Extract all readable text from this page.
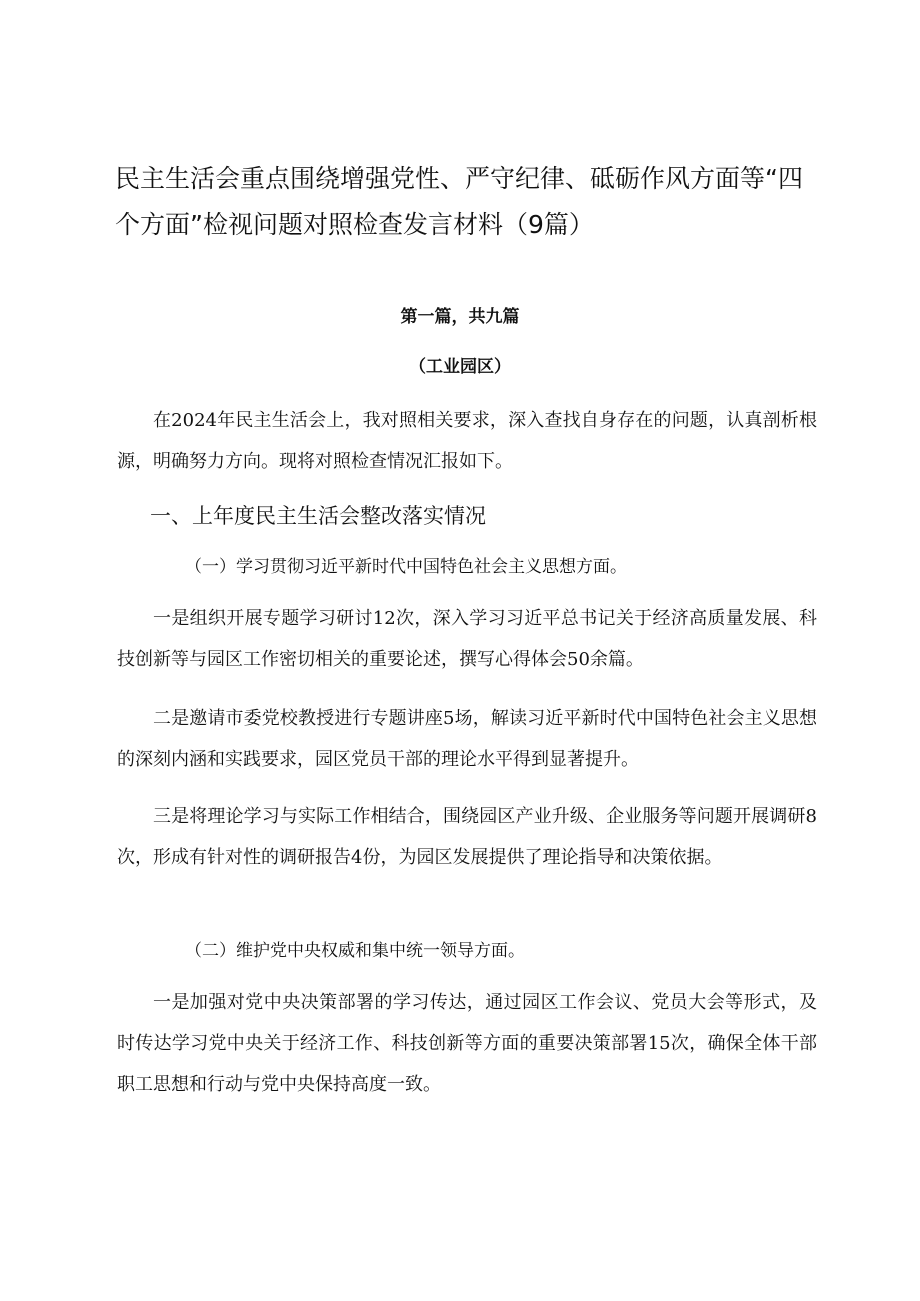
民主生活会重点围绕增强党性、严守纪律、砥砺作风方面等“四个方面”检视问题对照检查发言材料（9篇）

第一篇，共九篇

（工业园区）

在2024年民主生活会上，我对照相关要求，深入查找自身存在的问题，认真剖析根源，明确努力方向。现将对照检查情况汇报如下。

一、上年度民主生活会整改落实情况

（一）学习贯彻习近平新时代中国特色社会主义思想方面。

一是组织开展专题学习研讨12次，深入学习习近平总书记关于经济高质量发展、科技创新等与园区工作密切相关的重要论述，撰写心得体会50余篇。

二是邀请市委党校教授进行专题讲座5场，解读习近平新时代中国特色社会主义思想的深刻内涵和实践要求，园区党员干部的理论水平得到显著提升。

三是将理论学习与实际工作相结合，围绕园区产业升级、企业服务等问题开展调研8次，形成有针对性的调研报告4份，为园区发展提供了理论指导和决策依据。

（二）维护党中央权威和集中统一领导方面。

一是加强对党中央决策部署的学习传达，通过园区工作会议、党员大会等形式，及时传达学习党中央关于经济工作、科技创新等方面的重要决策部署15次，确保全体干部职工思想和行动与党中央保持高度一致。
